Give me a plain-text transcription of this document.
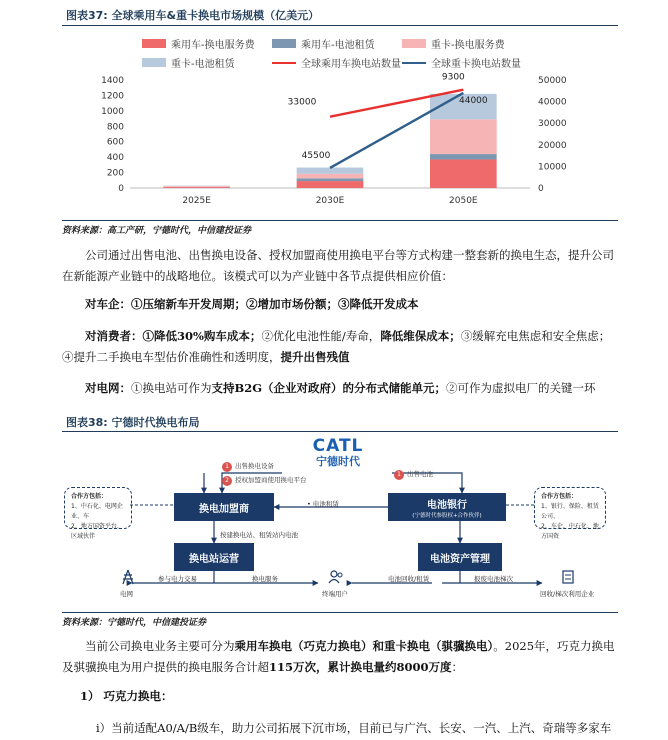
图表37: 全球乘用车&重卡换电市场规模（亿美元）
乘用车-换电服务费	乘用车-电池租赁	重卡-换电服务费
重卡-电池租赁	全球乘用车换电站数量	全球重卡换电站数量
0
200
400
600
800
1000
1200
1400
0
10000
20000
30000
40000
50000
2025E	2030E	2050E
33000
9300
45500
44000
资料来源：高工产研，宁德时代，中信建投证券
公司通过出售电池、出售换电设备、授权加盟商使用换电平台等方式构建一整套新的换电生态，提升公司在新能源产业链中的战略地位。该模式可以为产业链中各节点提供相应价值：
对车企：①压缩新车开发周期；②增加市场份额；③降低开发成本
对消费者：①降低30%购车成本；②优化电池性能/寿命，降低维保成本；③缓解充电焦虑和安全焦虑；④提升二手换电车型估价准确性和透明度，提升出售残值
对电网：①换电站可作为支持B2G（企业对政府）的分布式储能单元；②可作为虚拟电厂的关键一环
图表38: 宁德时代换电布局
CATL
宁德时代
1 出售换电设备
2 授权加盟商使用换电平台
1 出售电池
换电加盟商	电池银行
(宁德时代参股权+合作伙伴)
• 电池租赁
按建换电站、租赁站内电池
换电站运营	电池资产管理
合作方包括：
1、中石化、电网企业、车
2、地方国资平台、区域伙伴
合作方包括：
1、银行、保险、租赁公司、
2、车企、中石化、地方国资
电网
参与电力交易	换电服务
终端用户
电池回收/租赁	报废电池梯次
回收/梯次利用企业
资料来源：宁德时代，中信建投证券
当前公司换电业务主要可分为乘用车换电（巧克力换电）和重卡换电（骐骥换电）。2025年，巧克力换电及骐骥换电为用户提供的换电服务合计超115万次，累计换电量约8000万度：
1） 巧克力换电：
i）当前适配A0/A/B级车，助力公司拓展下沉市场，目前已与广汽、长安、一汽、上汽、奇瑞等多家车
